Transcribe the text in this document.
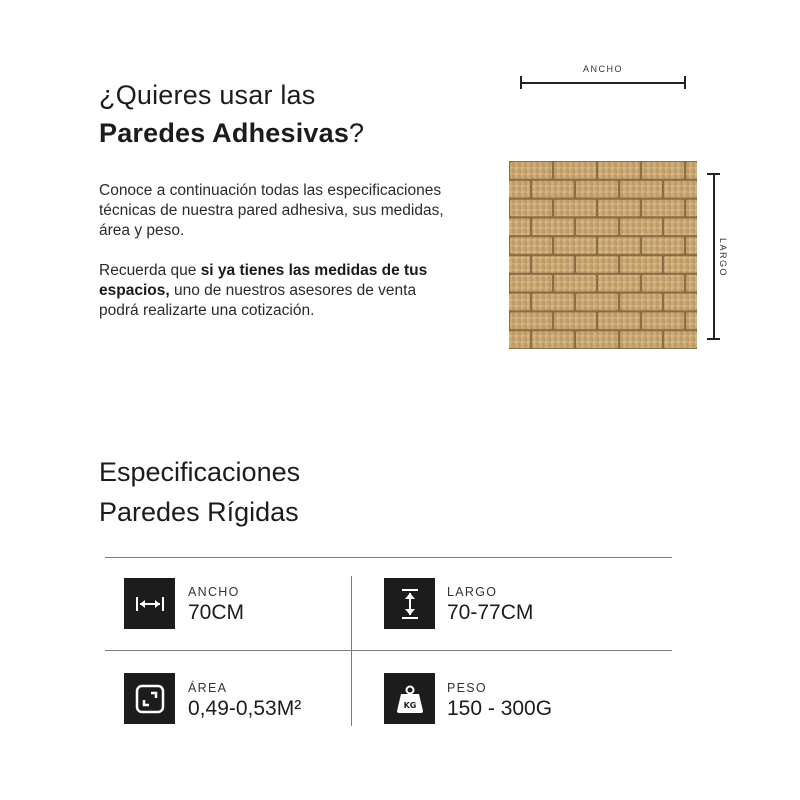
¿Quieres usar las
Paredes Adhesivas?
Conoce a continuación todas las especificaciones técnicas de nuestra pared adhesiva, sus medidas, área y peso.
Recuerda que si ya tienes las medidas de tus espacios, uno de nuestros asesores de venta podrá realizarte una cotización.
ANCHO
LARGO
Especificaciones
Paredes Rígidas
ANCHO
70CM
LARGO
70-77CM
ÁREA
0,49-0,53M²	KG
PESO
150 - 300G
